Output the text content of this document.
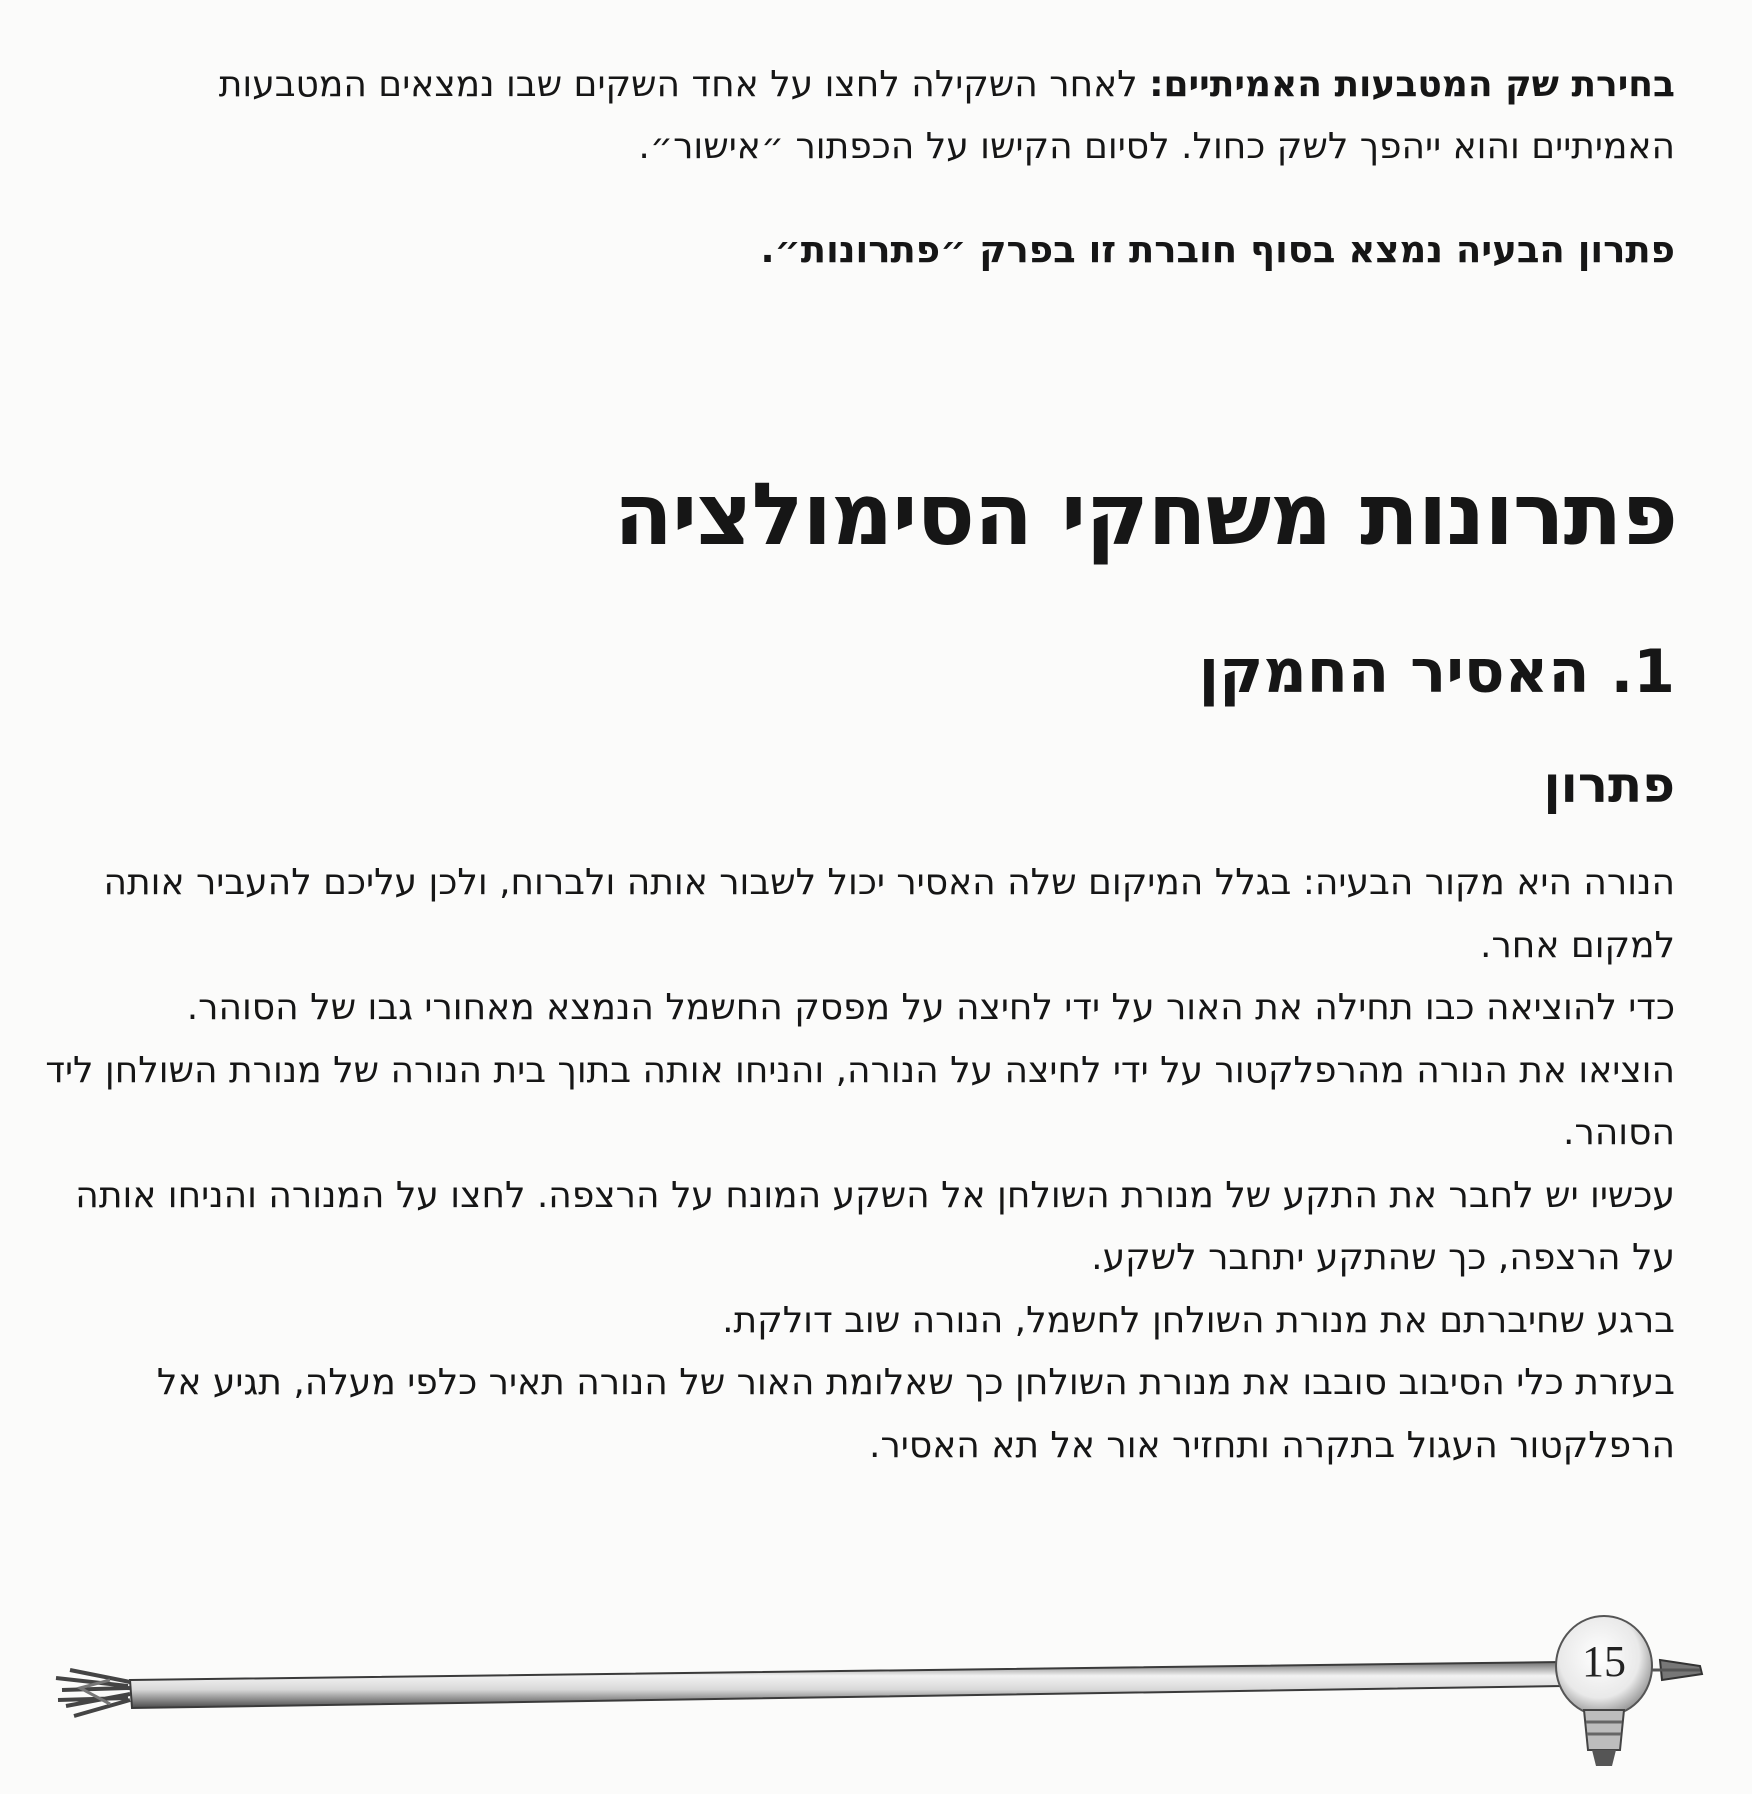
בחירת שק המטבעות האמיתיים: לאחר השקילה לחצו על אחד השקים שבו נמצאים המטבעות האמיתיים והוא ייהפך לשק כחול. לסיום הקישו על הכפתור ״אישור״.

פתרון הבעיה נמצא בסוף חוברת זו בפרק ״פתרונות״.

פתרונות משחקי הסימולציה
1. האסיר החמקן
פתרון

הנורה היא מקור הבעיה: בגלל המיקום שלה האסיר יכול לשבור אותה ולברוח, ולכן עליכם להעביר אותה למקום אחר.

כדי להוציאה כבו תחילה את האור על ידי לחיצה על מפסק החשמל הנמצא מאחורי גבו של הסוהר.

הוציאו את הנורה מהרפלקטור על ידי לחיצה על הנורה, והניחו אותה בתוך בית הנורה של מנורת השולחן ליד הסוהר.

עכשיו יש לחבר את התקע של מנורת השולחן אל השקע המונח על הרצפה. לחצו על המנורה והניחו אותה על הרצפה, כך שהתקע יתחבר לשקע.

ברגע שחיברתם את מנורת השולחן לחשמל, הנורה שוב דולקת.

בעזרת כלי הסיבוב סובבו את מנורת השולחן כך שאלומת האור של הנורה תאיר כלפי מעלה, תגיע אל הרפלקטור העגול בתקרה ותחזיר אור אל תא האסיר.

15
